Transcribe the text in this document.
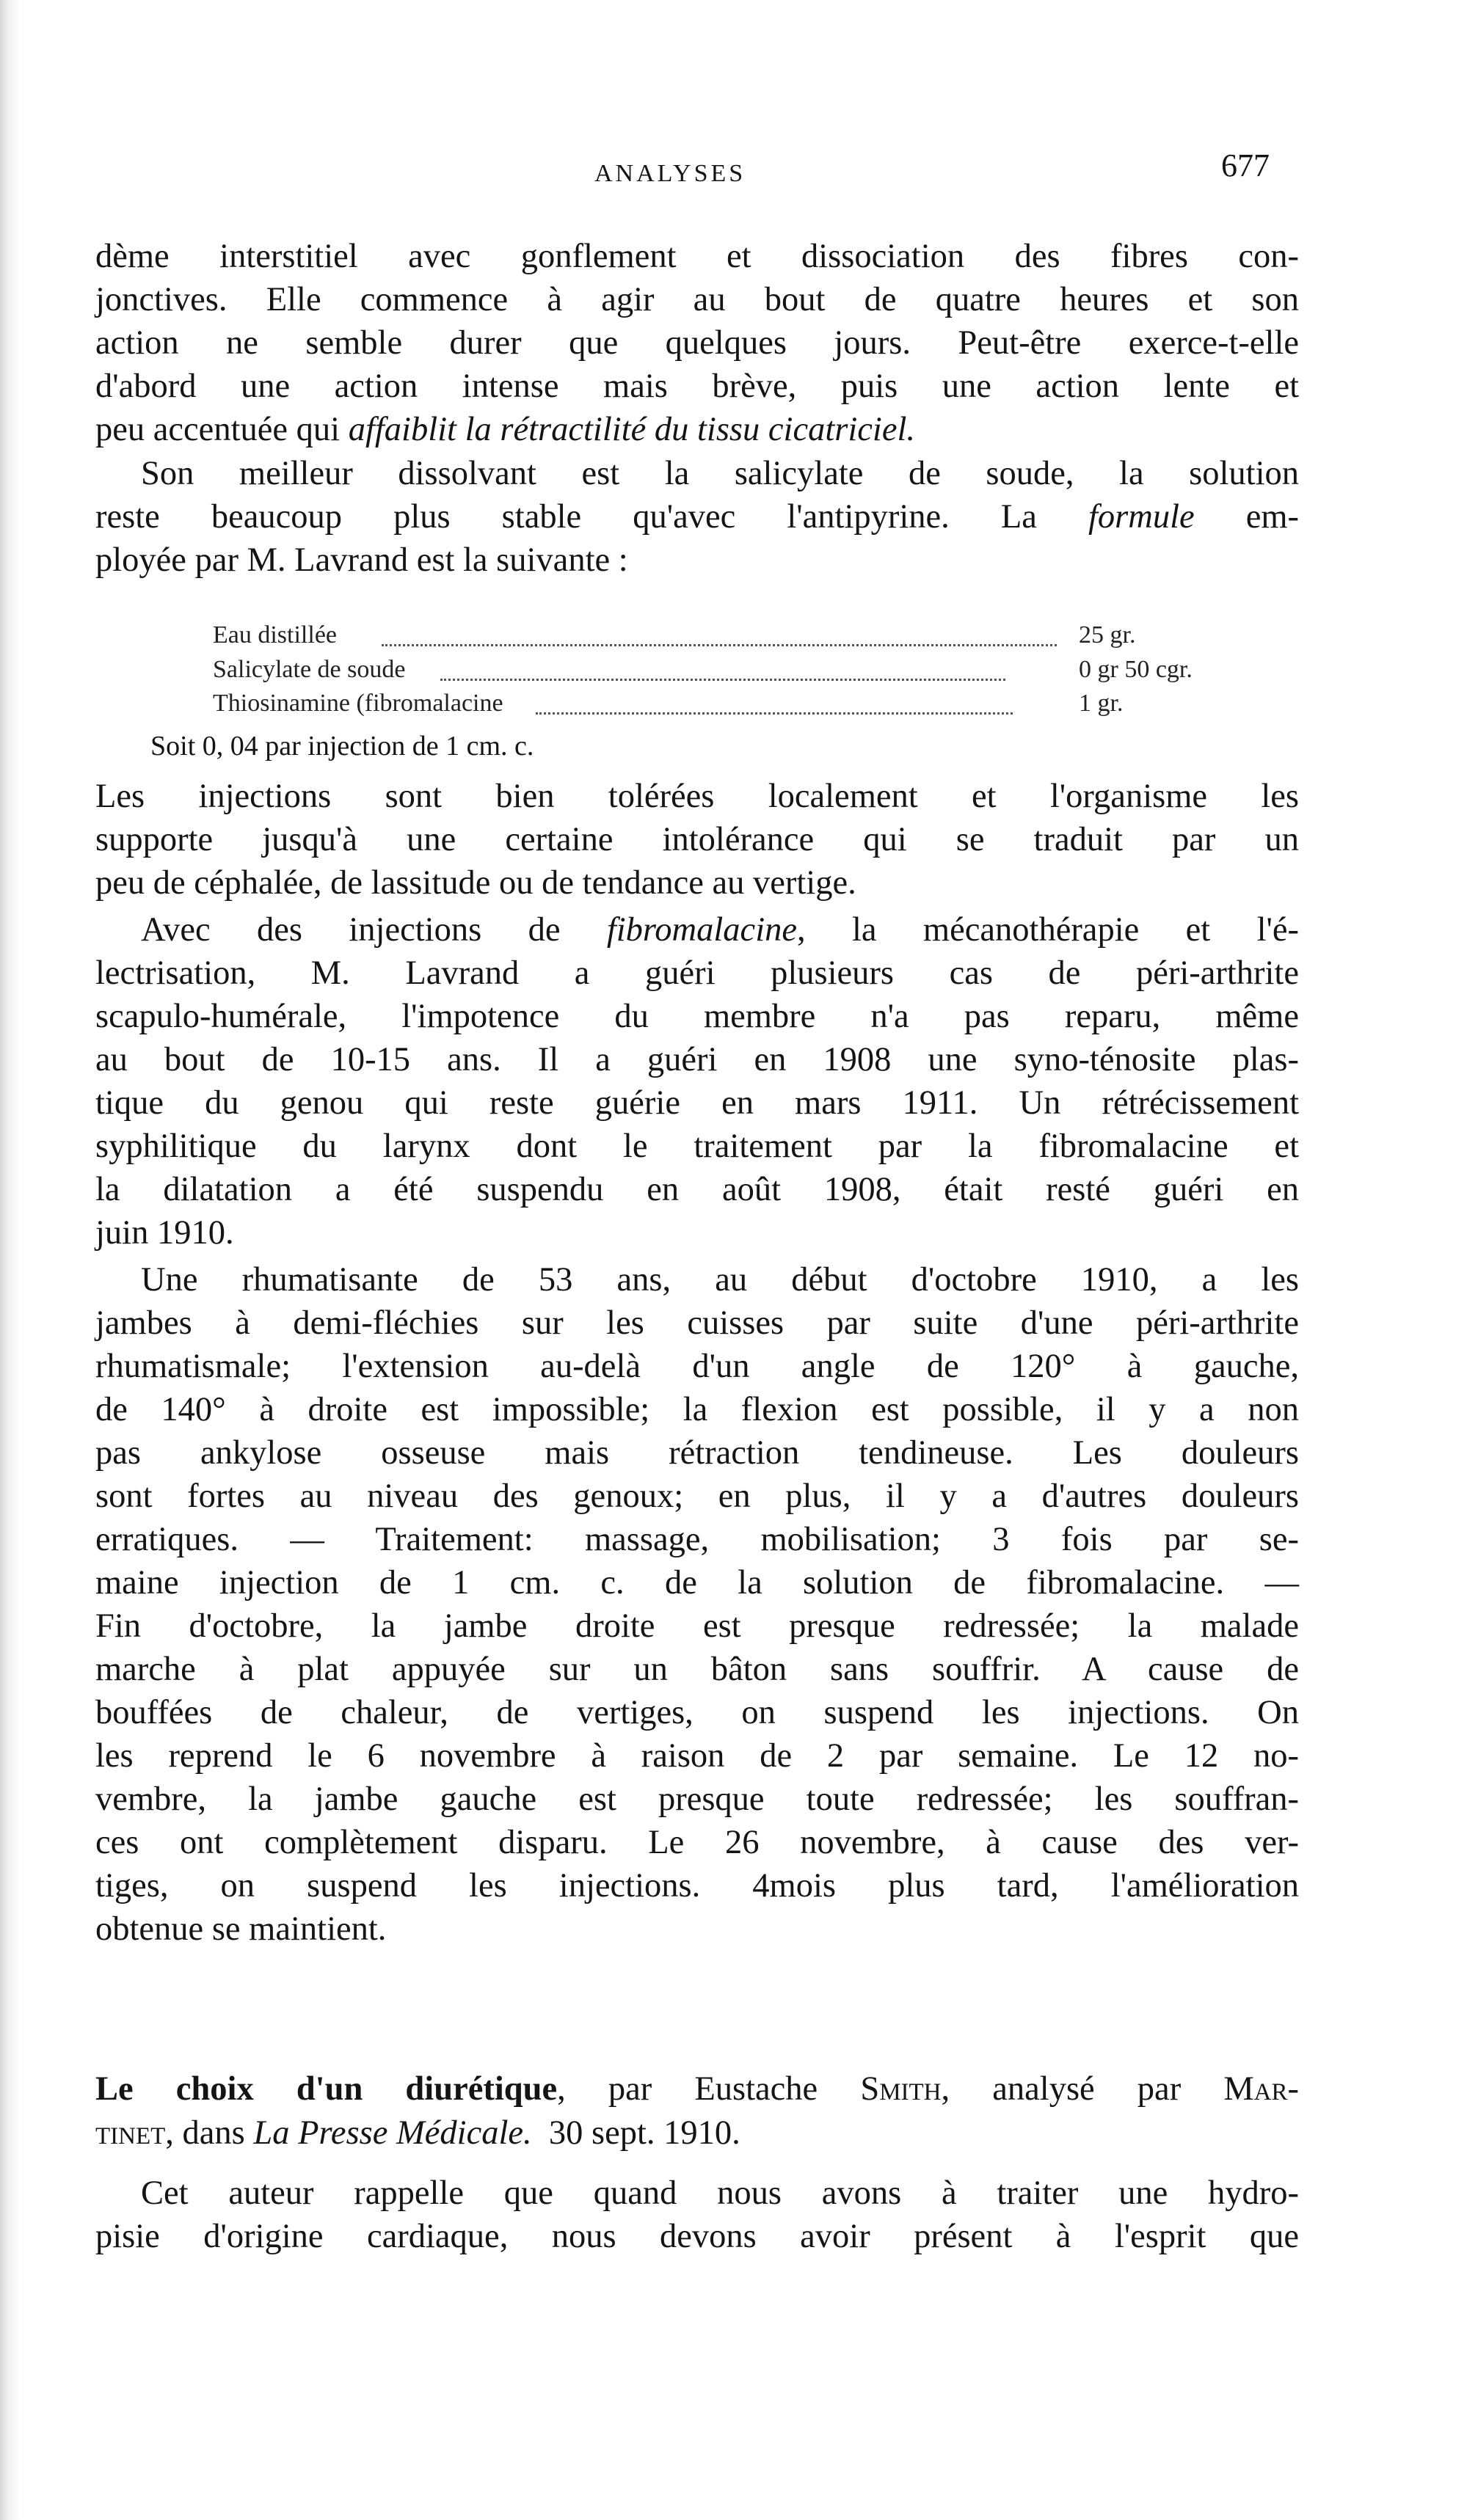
ANALYSES	677
dème interstitiel avec gonflement et dissociation des fibres con-
jonctives. Elle commence à agir au bout de quatre heures et son
action ne semble durer que quelques jours. Peut-être exerce-t-elle
d'abord une action intense mais brève, puis une action lente et
peu accentuée qui affaiblit la rétractilité du tissu cicatriciel.
Son meilleur dissolvant est la salicylate de soude, la solution
reste beaucoup plus stable qu'avec l'antipyrine. La formule em-
ployée par M. Lavrand est la suivante :
Eau distillée	25 gr.
Salicylate de soude	0 gr 50 cgr.
Thiosinamine (fibromalacine	1 gr.
Soit 0, 04 par injection de 1 cm. c.
Les injections sont bien tolérées localement et l'organisme les
supporte jusqu'à une certaine intolérance qui se traduit par un
peu de céphalée, de lassitude ou de tendance au vertige.
Avec des injections de fibromalacine, la mécanothérapie et l'é-
lectrisation, M. Lavrand a guéri plusieurs cas de péri-arthrite
scapulo-humérale, l'impotence du membre n'a pas reparu, même
au bout de 10-15 ans. Il a guéri en 1908 une syno-ténosite plas-
tique du genou qui reste guérie en mars 1911. Un rétrécissement
syphilitique du larynx dont le traitement par la fibromalacine et
la dilatation a été suspendu en août 1908, était resté guéri en
juin 1910.
Une rhumatisante de 53 ans, au début d'octobre 1910, a les
jambes à demi-fléchies sur les cuisses par suite d'une péri-arthrite
rhumatismale; l'extension au-delà d'un angle de 120° à gauche,
de 140° à droite est impossible; la flexion est possible, il y a non
pas ankylose osseuse mais rétraction tendineuse. Les douleurs
sont fortes au niveau des genoux; en plus, il y a d'autres douleurs
erratiques. — Traitement: massage, mobilisation; 3 fois par se-
maine injection de 1 cm. c. de la solution de fibromalacine. —
Fin d'octobre, la jambe droite est presque redressée; la malade
marche à plat appuyée sur un bâton sans souffrir. A cause de
bouffées de chaleur, de vertiges, on suspend les injections. On
les reprend le 6 novembre à raison de 2 par semaine. Le 12 no-
vembre, la jambe gauche est presque toute redressée; les souffran-
ces ont complètement disparu. Le 26 novembre, à cause des ver-
tiges, on suspend les injections. 4mois plus tard, l'amélioration
obtenue se maintient.
Le choix d'un diurétique, par Eustache Smith, analysé par Mar-
tinet, dans La Presse Médicale. 30 sept. 1910.
Cet auteur rappelle que quand nous avons à traiter une hydro-
pisie d'origine cardiaque, nous devons avoir présent à l'esprit que
